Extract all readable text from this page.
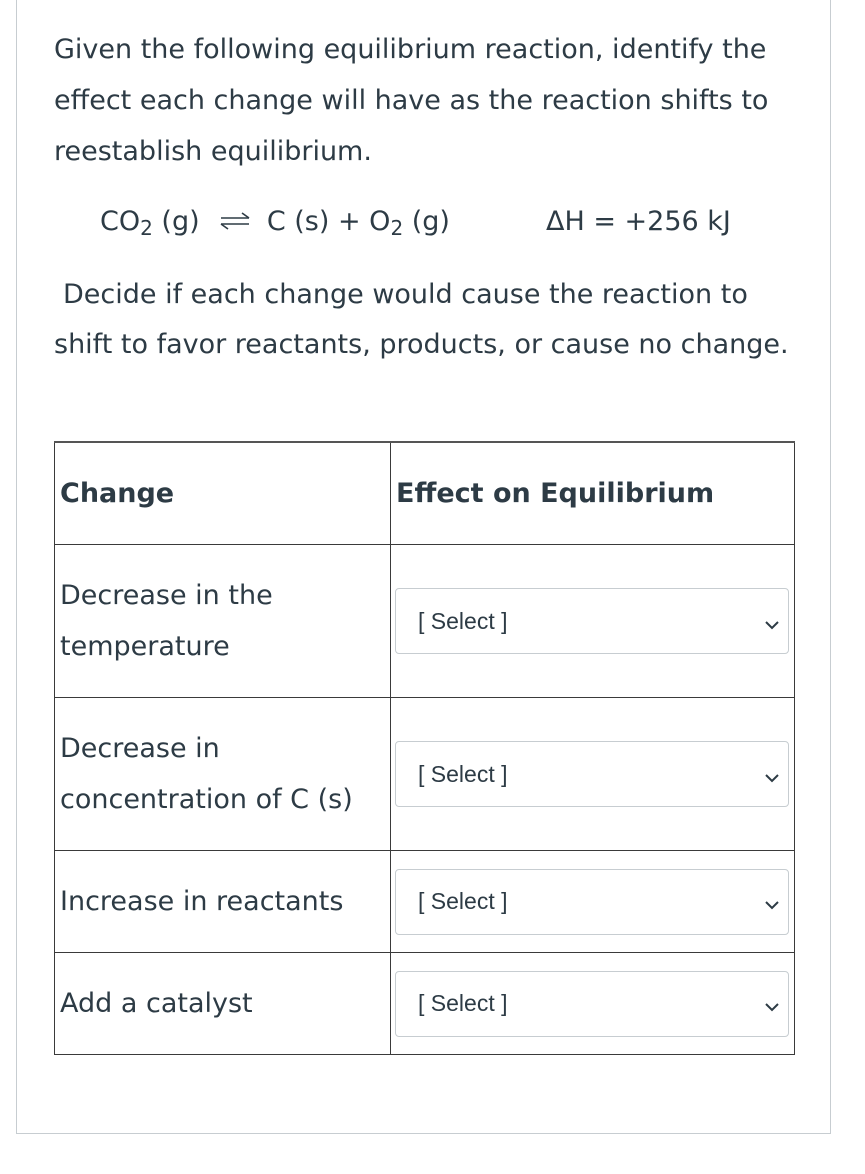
Given the following equilibrium reaction, identify the effect each change will have as the reaction shifts to reestablish equilibrium.
$CO_2$ (g) ⇌ C $(s) + O_2$ (g)	ΔH = +256 kJ
Decide if each change would cause the reaction to shift to favor reactants, products, or cause no change.
Change	Effect on Equilibrium

Decrease in the
temperature	[ Select ]

Decrease in
concentration of C (s)	[ Select ]

Increase in reactants	[ Select ]

Add a catalyst	[ Select ]
